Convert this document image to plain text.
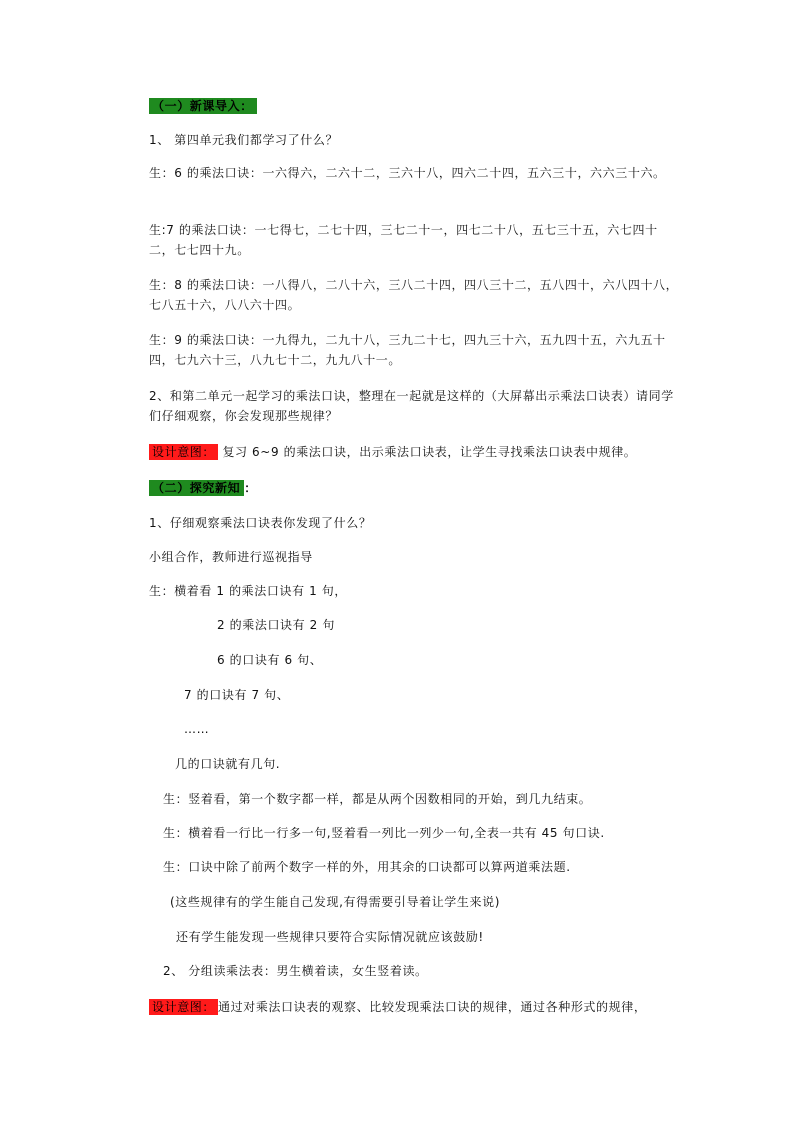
（一）新课导入：
1、 第四单元我们都学习了什么？
生：6 的乘法口诀：一六得六，二六十二，三六十八，四六二十四，五六三十，六六三十六。
生:7 的乘法口诀：一七得七，二七十四，三七二十一，四七二十八，五七三十五，六七四十二，七七四十九。
生：8 的乘法口诀：一八得八，二八十六，三八二十四，四八三十二，五八四十，六八四十八，七八五十六，八八六十四。
生：9 的乘法口诀：一九得九，二九十八，三九二十七，四九三十六，五九四十五，六九五十四，七九六十三，八九七十二，九九八十一。
2、和第二单元一起学习的乘法口诀，整理在一起就是这样的（大屏幕出示乘法口诀表）请同学们仔细观察，你会发现那些规律？
设计意图： 复习 6~9 的乘法口诀，出示乘法口诀表，让学生寻找乘法口诀表中规律。
（二）探究新知 ：
1、仔细观察乘法口诀表你发现了什么？
小组合作，教师进行巡视指导
生：横着看 1 的乘法口诀有 1 句，
2 的乘法口诀有 2 句
6 的口诀有 6 句、
7 的口诀有 7 句、
……
几的口诀就有几句.
生：竖着看，第一个数字都一样，都是从两个因数相同的开始，到几九结束。
生：横着看一行比一行多一句,竖着看一列比一列少一句,全表一共有 45 句口诀.
生：口诀中除了前两个数字一样的外，用其余的口诀都可以算两道乘法题.
(这些规律有的学生能自己发现,有得需要引导着让学生来说)
还有学生能发现一些规律只要符合实际情况就应该鼓励!
2、 分组读乘法表：男生横着读，女生竖着读。
设计意图： 通过对乘法口诀表的观察、比较发现乘法口诀的规律，通过各种形式的规律，
